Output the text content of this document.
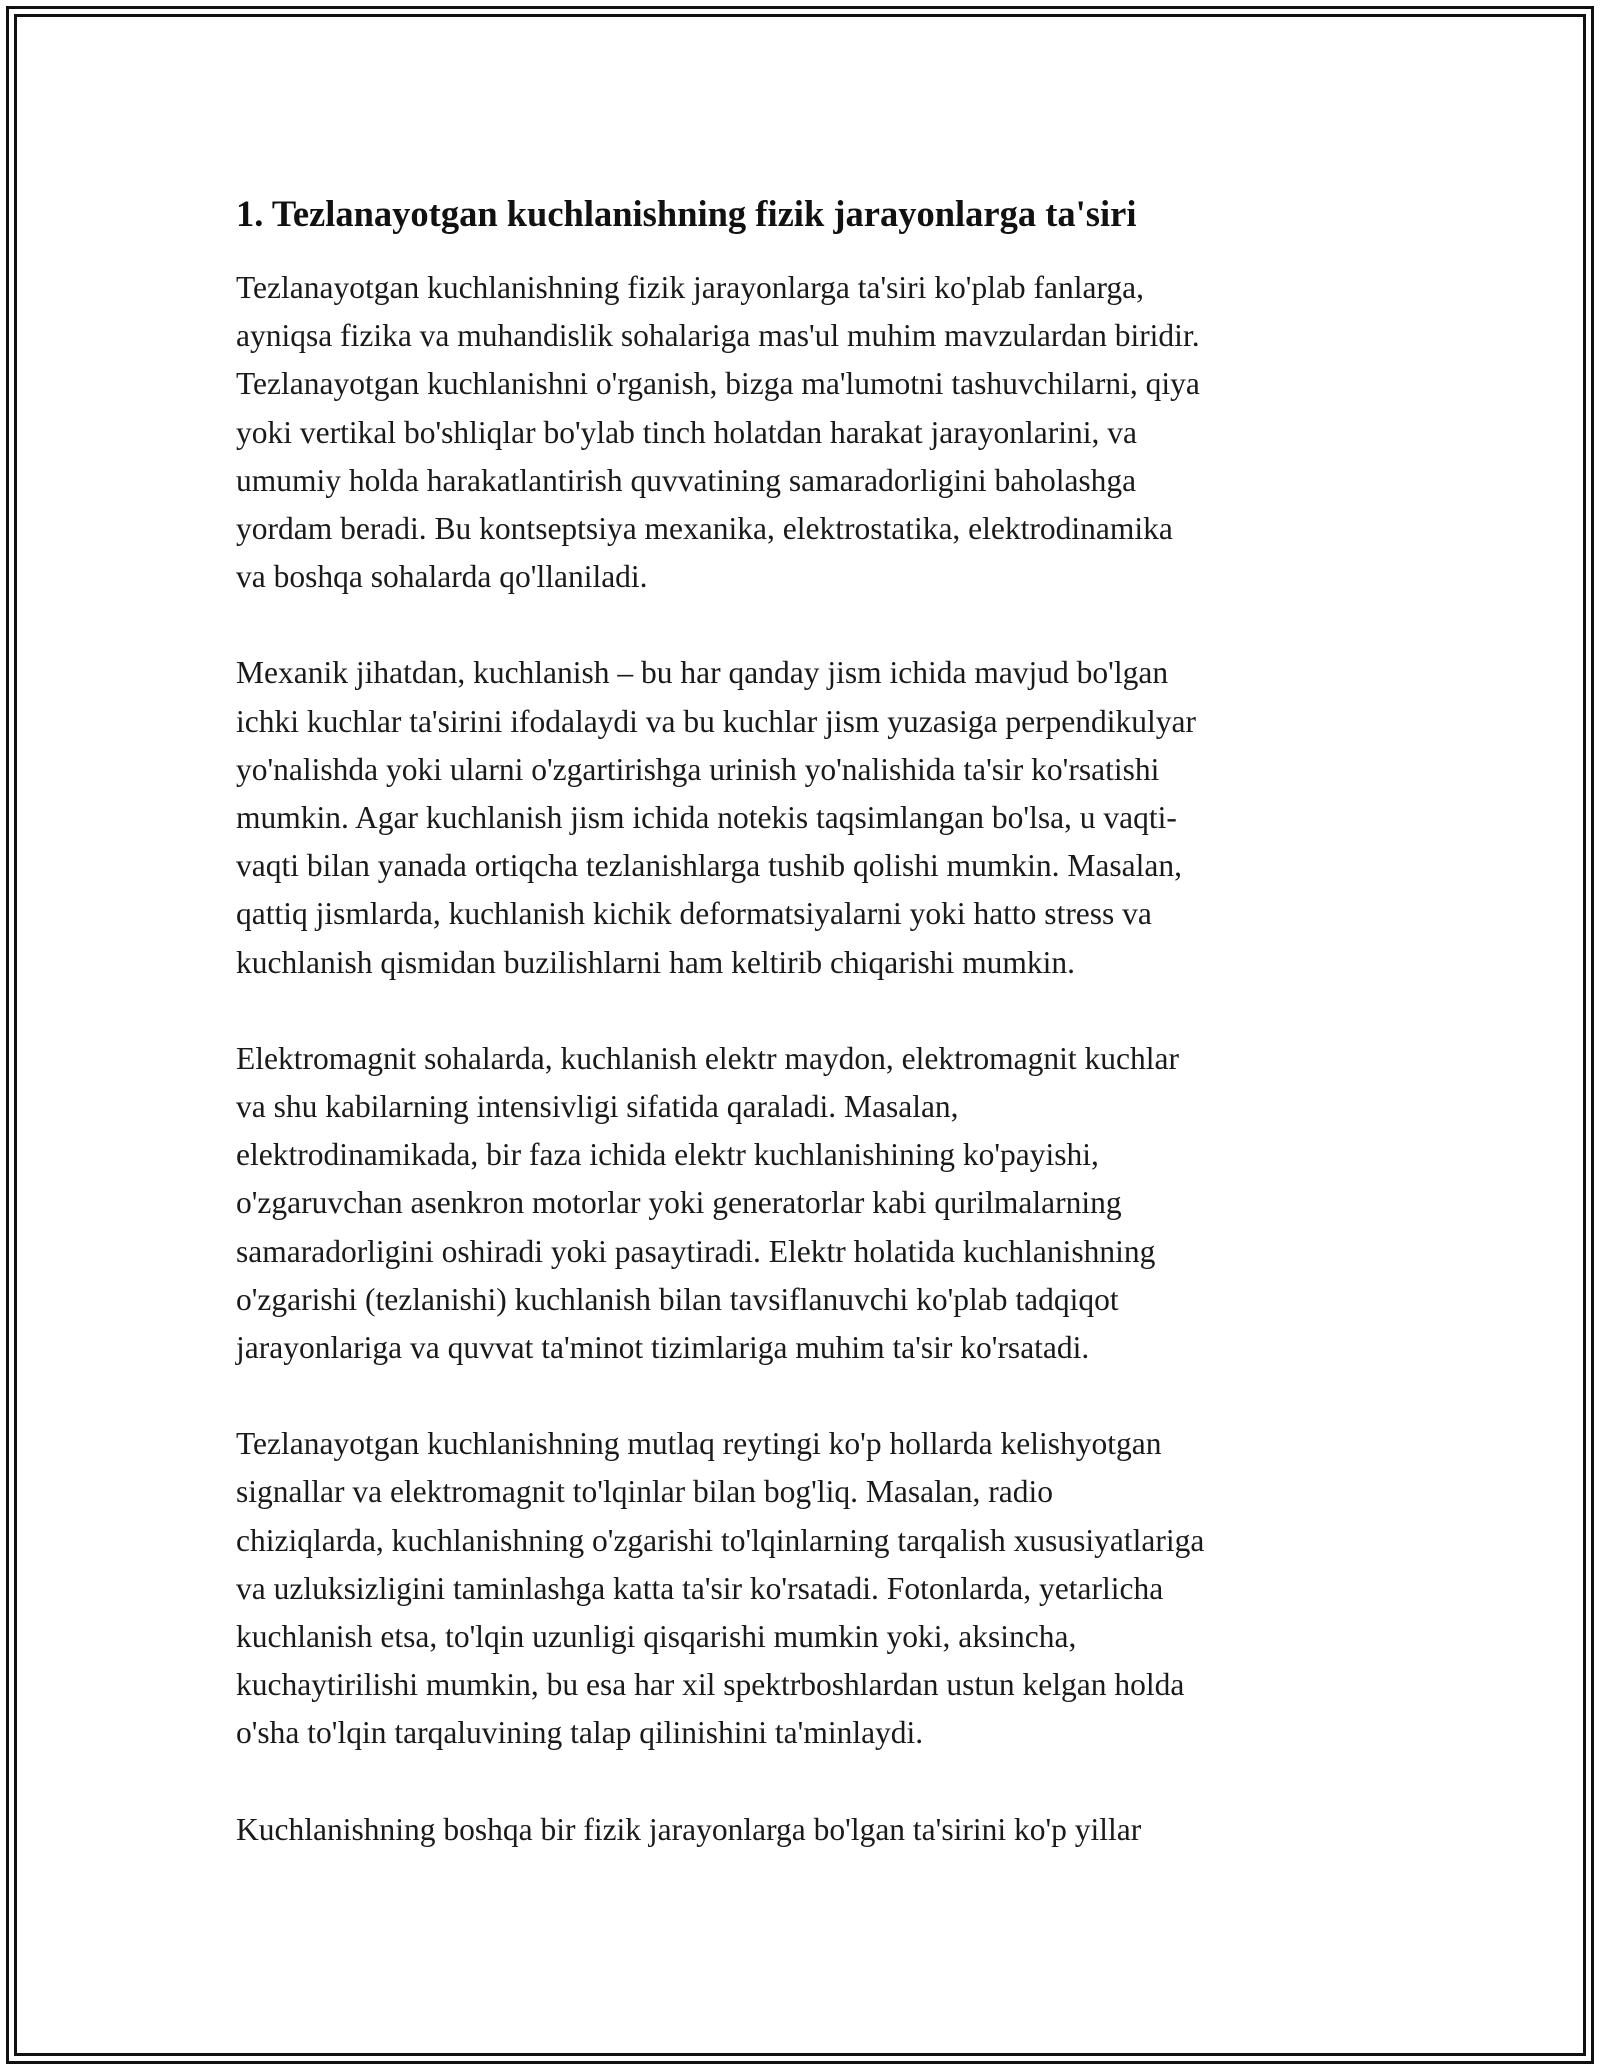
1. Tezlanayotgan kuchlanishning fizik jarayonlarga ta'siri

Tezlanayotgan kuchlanishning fizik jarayonlarga ta'siri ko'plab fanlarga,
ayniqsa fizika va muhandislik sohalariga mas'ul muhim mavzulardan biridir.
Tezlanayotgan kuchlanishni o'rganish, bizga ma'lumotni tashuvchilarni, qiya
yoki vertikal bo'shliqlar bo'ylab tinch holatdan harakat jarayonlarini, va
umumiy holda harakatlantirish quvvatining samaradorligini baholashga
yordam beradi. Bu kontseptsiya mexanika, elektrostatika, elektrodinamika
va boshqa sohalarda qo'llaniladi.

Mexanik jihatdan, kuchlanish – bu har qanday jism ichida mavjud bo'lgan
ichki kuchlar ta'sirini ifodalaydi va bu kuchlar jism yuzasiga perpendikulyar
yo'nalishda yoki ularni o'zgartirishga urinish yo'nalishida ta'sir ko'rsatishi
mumkin. Agar kuchlanish jism ichida notekis taqsimlangan bo'lsa, u vaqti-
vaqti bilan yanada ortiqcha tezlanishlarga tushib qolishi mumkin. Masalan,
qattiq jismlarda, kuchlanish kichik deformatsiyalarni yoki hatto stress va
kuchlanish qismidan buzilishlarni ham keltirib chiqarishi mumkin.

Elektromagnit sohalarda, kuchlanish elektr maydon, elektromagnit kuchlar
va shu kabilarning intensivligi sifatida qaraladi. Masalan,
elektrodinamikada, bir faza ichida elektr kuchlanishining ko'payishi,
o'zgaruvchan asenkron motorlar yoki generatorlar kabi qurilmalarning
samaradorligini oshiradi yoki pasaytiradi. Elektr holatida kuchlanishning
o'zgarishi (tezlanishi) kuchlanish bilan tavsiflanuvchi ko'plab tadqiqot
jarayonlariga va quvvat ta'minot tizimlariga muhim ta'sir ko'rsatadi.

Tezlanayotgan kuchlanishning mutlaq reytingi ko'p hollarda kelishyotgan
signallar va elektromagnit to'lqinlar bilan bog'liq. Masalan, radio
chiziqlarda, kuchlanishning o'zgarishi to'lqinlarning tarqalish xususiyatlariga
va uzluksizligini taminlashga katta ta'sir ko'rsatadi. Fotonlarda, yetarlicha
kuchlanish etsa, to'lqin uzunligi qisqarishi mumkin yoki, aksincha,
kuchaytirilishi mumkin, bu esa har xil spektrboshlardan ustun kelgan holda
o'sha to'lqin tarqaluvining talap qilinishini ta'minlaydi.

Kuchlanishning boshqa bir fizik jarayonlarga bo'lgan ta'sirini ko'p yillar
